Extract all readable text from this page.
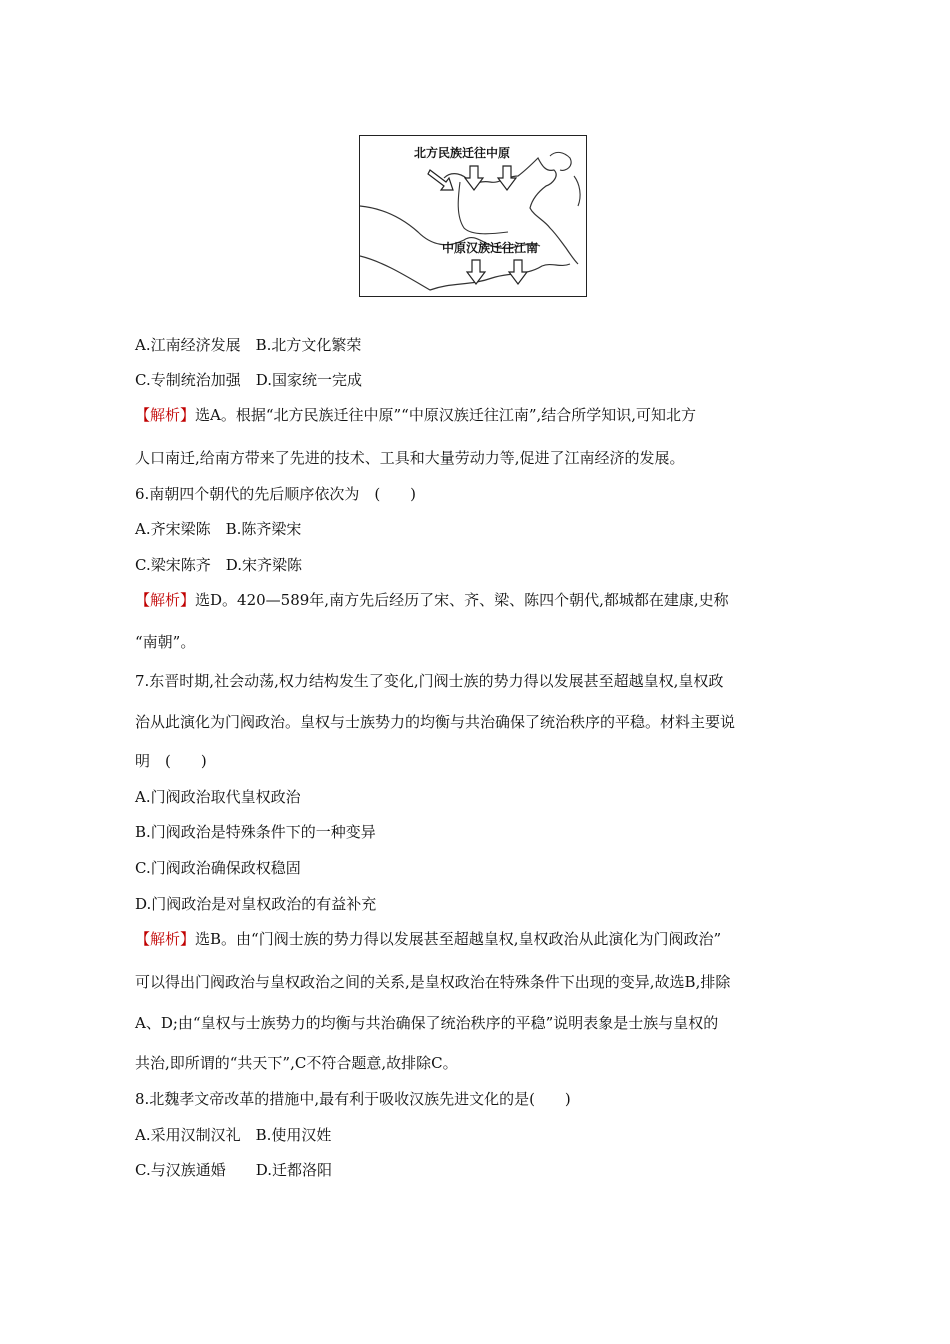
北方民族迁往中原
中原汉族迁往江南
A.江南经济发展　B.北方文化繁荣
C.专制统治加强　D.国家统一完成
【解析】选A。根据“北方民族迁往中原”“中原汉族迁往江南”,结合所学知识,可知北方
人口南迁,给南方带来了先进的技术、工具和大量劳动力等,促进了江南经济的发展。
6.南朝四个朝代的先后顺序依次为　(　　)
A.齐宋梁陈　B.陈齐梁宋
C.梁宋陈齐　D.宋齐梁陈
【解析】选D。420—589年,南方先后经历了宋、齐、梁、陈四个朝代,都城都在建康,史称
“南朝”。
7.东晋时期,社会动荡,权力结构发生了变化,门阀士族的势力得以发展甚至超越皇权,皇权政
治从此演化为门阀政治。皇权与士族势力的均衡与共治确保了统治秩序的平稳。材料主要说
明　(　　)
A.门阀政治取代皇权政治
B.门阀政治是特殊条件下的一种变异
C.门阀政治确保政权稳固
D.门阀政治是对皇权政治的有益补充
【解析】选B。由“门阀士族的势力得以发展甚至超越皇权,皇权政治从此演化为门阀政治”
可以得出门阀政治与皇权政治之间的关系,是皇权政治在特殊条件下出现的变异,故选B,排除
A、D;由“皇权与士族势力的均衡与共治确保了统治秩序的平稳”说明表象是士族与皇权的
共治,即所谓的“共天下”,C不符合题意,故排除C。
8.北魏孝文帝改革的措施中,最有利于吸收汉族先进文化的是(　　)
A.采用汉制汉礼　B.使用汉姓
C.与汉族通婚　　D.迁都洛阳
